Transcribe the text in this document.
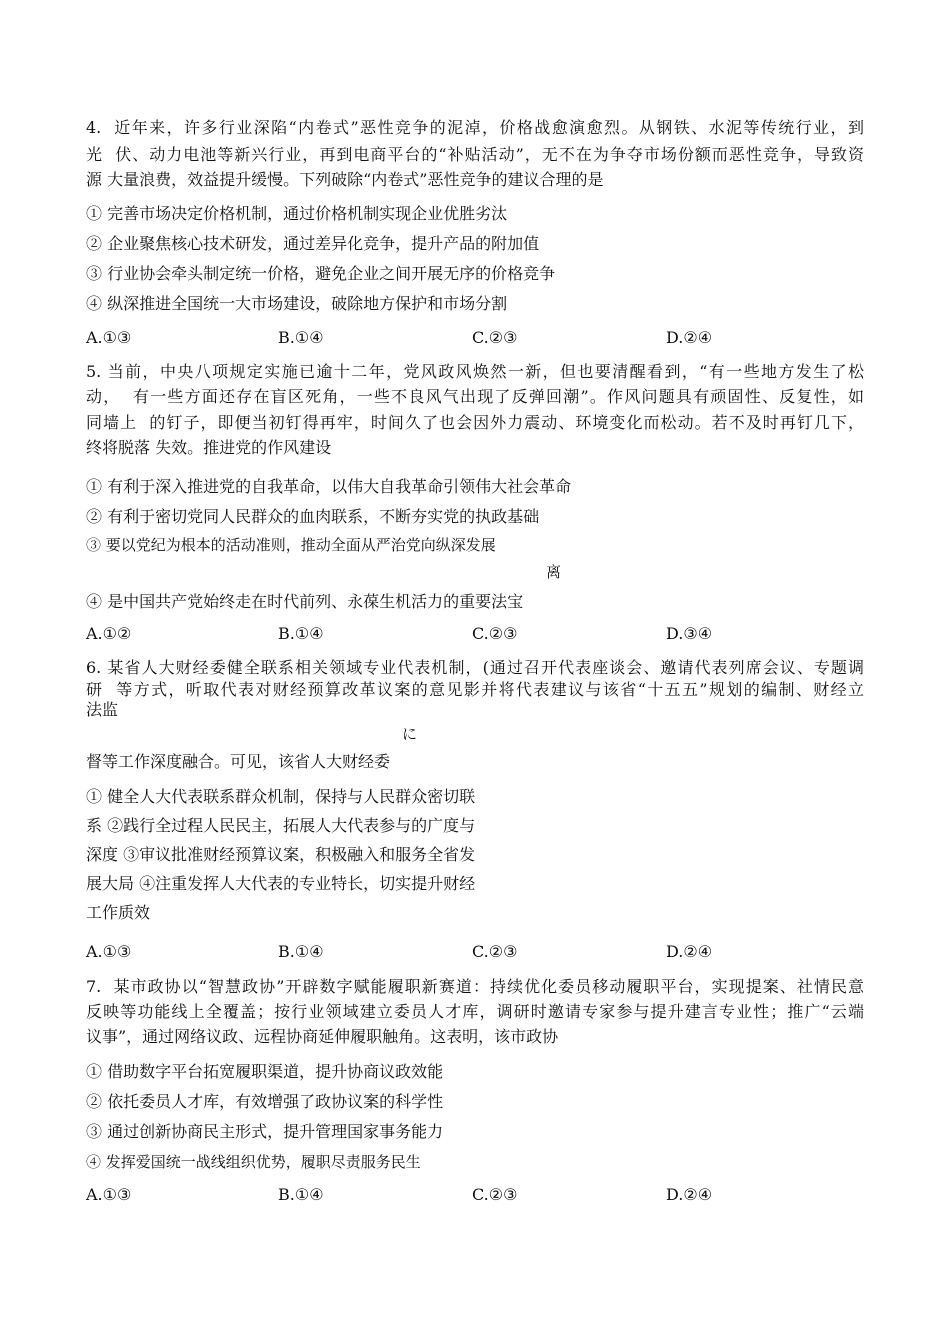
4.  近年来，许多行业深陷“内卷式”恶性竞争的泥淖，价格战愈演愈烈。从钢铁、水泥等传统行业，到
光  伏、动力电池等新兴行业，再到电商平台的“补贴活动”，无不在为争夺市场份额而恶性竞争，导致资
源 大量浪费，效益提升缓慢。下列破除“内卷式”恶性竞争的建议合理的是
① 完善市场决定价格机制，通过价格机制实现企业优胜劣汰
② 企业聚焦核心技术研发，通过差异化竞争，提升产品的附加值
③ 行业协会牵头制定统一价格，避免企业之间开展无序的价格竞争
④ 纵深推进全国统一大市场建设，破除地方保护和市场分割
A.①③	B.①④	C.②③	D.②④
5. 当前，中央八项规定实施已逾十二年，党风政风焕然一新，但也要清醒看到，“有一些地方发生了松
动，  有一些方面还存在盲区死角，一些不良风气出现了反弹回潮”。作风问题具有顽固性、反复性，如
同墙上  的钉子，即便当初钉得再牢，时间久了也会因外力震动、环境变化而松动。若不及时再钉几下，
终将脱落 失效。推进党的作风建设
① 有利于深入推进党的自我革命，以伟大自我革命引领伟大社会革命
② 有利于密切党同人民群众的血肉联系，不断夯实党的执政基础
③ 要以党纪为根本的活动准则，推动全面从严治党向纵深发展
离
④ 是中国共产党始终走在时代前列、永葆生机活力的重要法宝
A.①②	B.①④	C.②③	D.③④
6. 某省人大财经委健全联系相关领域专业代表机制，(通过召开代表座谈会、邀请代表列席会议、专题调
研  等方式，听取代表对财经预算改革议案的意见影并将代表建议与该省“十五五”规划的编制、财经立
法监
に
督等工作深度融合。可见，该省人大财经委
① 健全人大代表联系群众机制，保持与人民群众密切联
系 ②践行全过程人民民主，拓展人大代表参与的广度与
深度 ③审议批准财经预算议案，积极融入和服务全省发
展大局 ④注重发挥人大代表的专业特长，切实提升财经
工作质效
A.①③	B.①④	C.②③	D.②④
7.  某市政协以“智慧政协”开辟数字赋能履职新赛道：持续优化委员移动履职平台，实现提案、社情民意
反映等功能线上全覆盖；按行业领域建立委员人才库，调研时邀请专家参与提升建言专业性；推广“云端
议事”，通过网络议政、远程协商延伸履职触角。这表明，该市政协
① 借助数字平台拓宽履职渠道，提升协商议政效能
② 依托委员人才库，有效增强了政协议案的科学性
③ 通过创新协商民主形式，提升管理国家事务能力
④ 发挥爱国统一战线组织优势，履职尽责服务民生
A.①③	B.①④	C.②③	D.②④
